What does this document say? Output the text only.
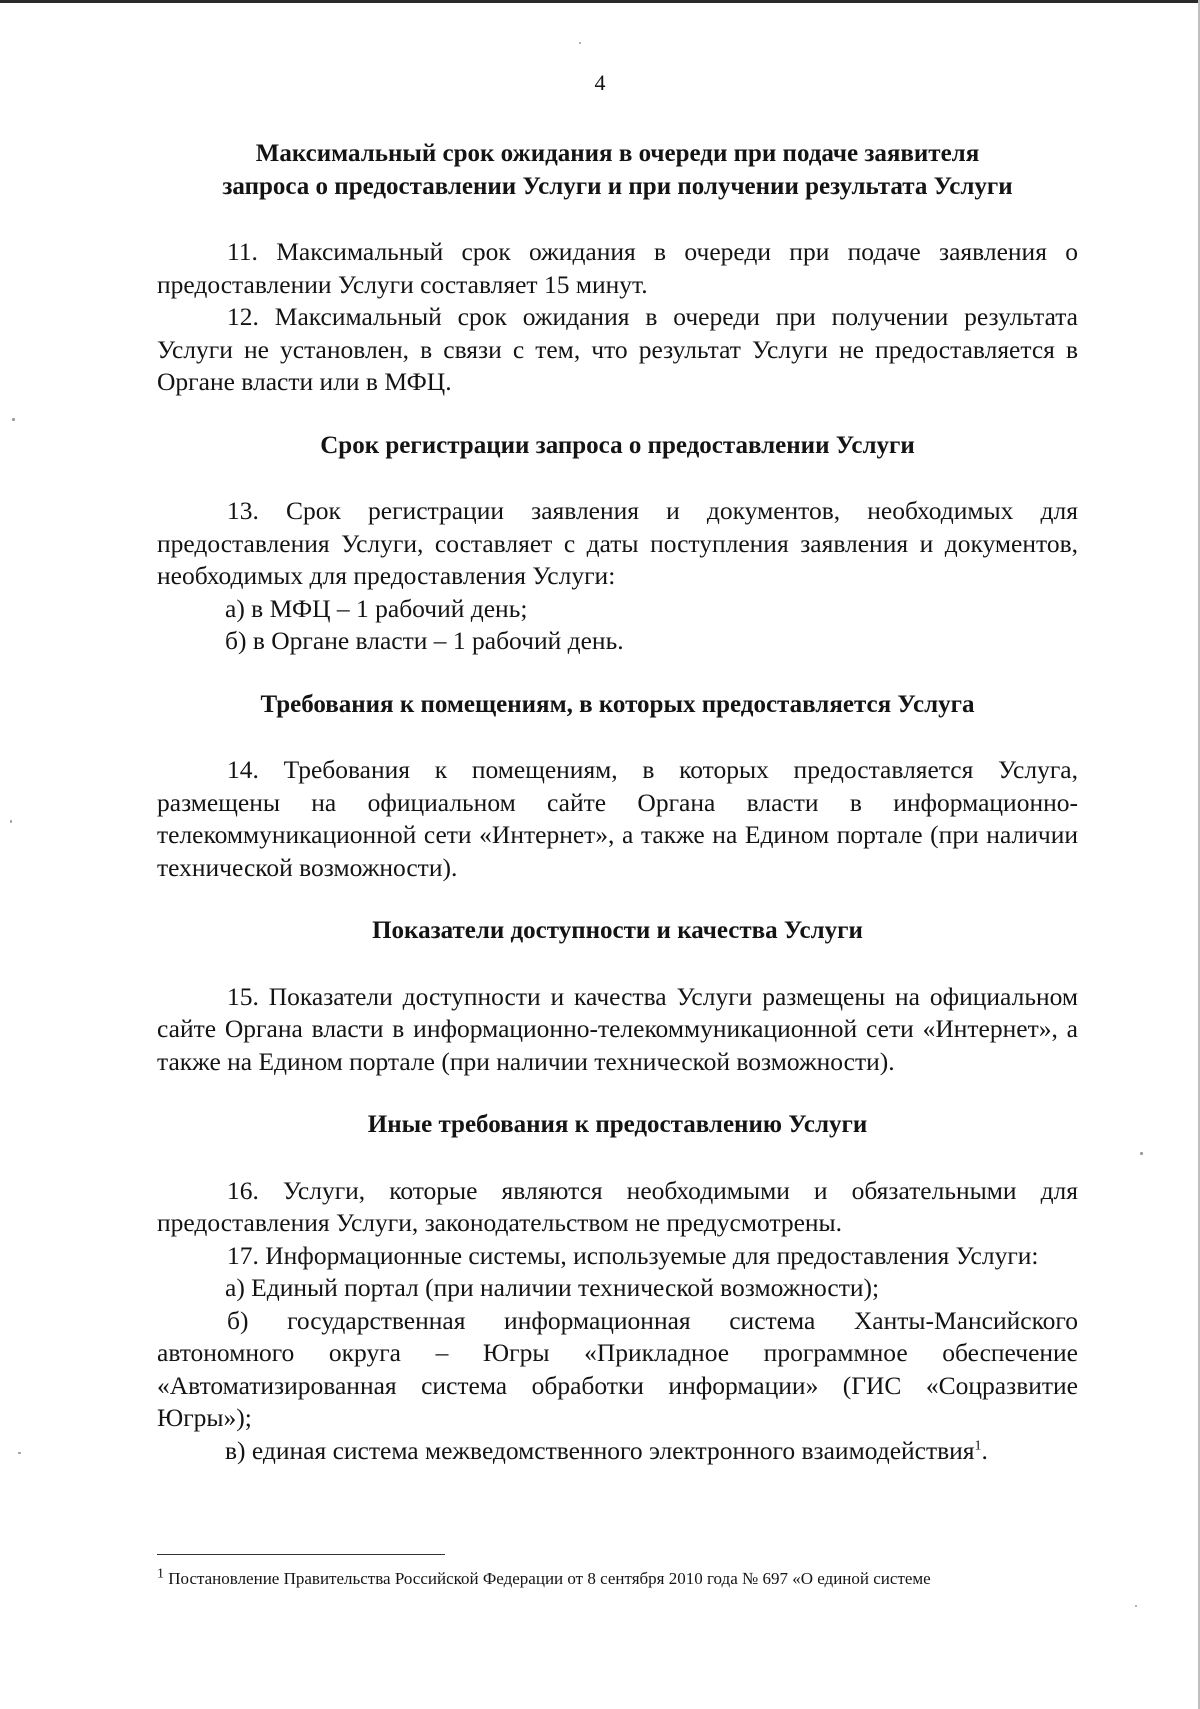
4
Максимальный срок ожидания в очереди при подаче заявителя
запроса о предоставлении Услуги и при получении результата Услуги

11. Максимальный срок ожидания в очереди при подаче заявления о предоставлении Услуги составляет 15 минут.

12. Максимальный срок ожидания в очереди при получении результата Услуги не установлен, в связи с тем, что результат Услуги не предоставляется в Органе власти или в МФЦ.

Срок регистрации запроса о предоставлении Услуги

13. Срок регистрации заявления и документов, необходимых для предоставления Услуги, составляет с даты поступления заявления и документов, необходимых для предоставления Услуги:

а) в МФЦ – 1 рабочий день;

б) в Органе власти – 1 рабочий день.

Требования к помещениям, в которых предоставляется Услуга

14. Требования к помещениям, в которых предоставляется Услуга, размещены на официальном сайте Органа власти в информационно-телекоммуникационной сети «Интернет», а также на Едином портале (при наличии технической возможности).

Показатели доступности и качества Услуги

15. Показатели доступности и качества Услуги размещены на официальном сайте Органа власти в информационно-телекоммуникационной сети «Интернет», а также на Едином портале (при наличии технической возможности).

Иные требования к предоставлению Услуги

16. Услуги, которые являются необходимыми и обязательными для предоставления Услуги, законодательством не предусмотрены.

17. Информационные системы, используемые для предоставления Услуги:

а) Единый портал (при наличии технической возможности);

б) государственная информационная система Ханты-Мансийского автономного округа – Югры «Прикладное программное обеспечение «Автоматизированная система обработки информации» (ГИС «Соцразвитие Югры»);

в) единая система межведомственного электронного взаимодействия$^1$.

$^1$ Постановление Правительства Российской Федерации от 8 сентября 2010 года № 697 «О единой системе
